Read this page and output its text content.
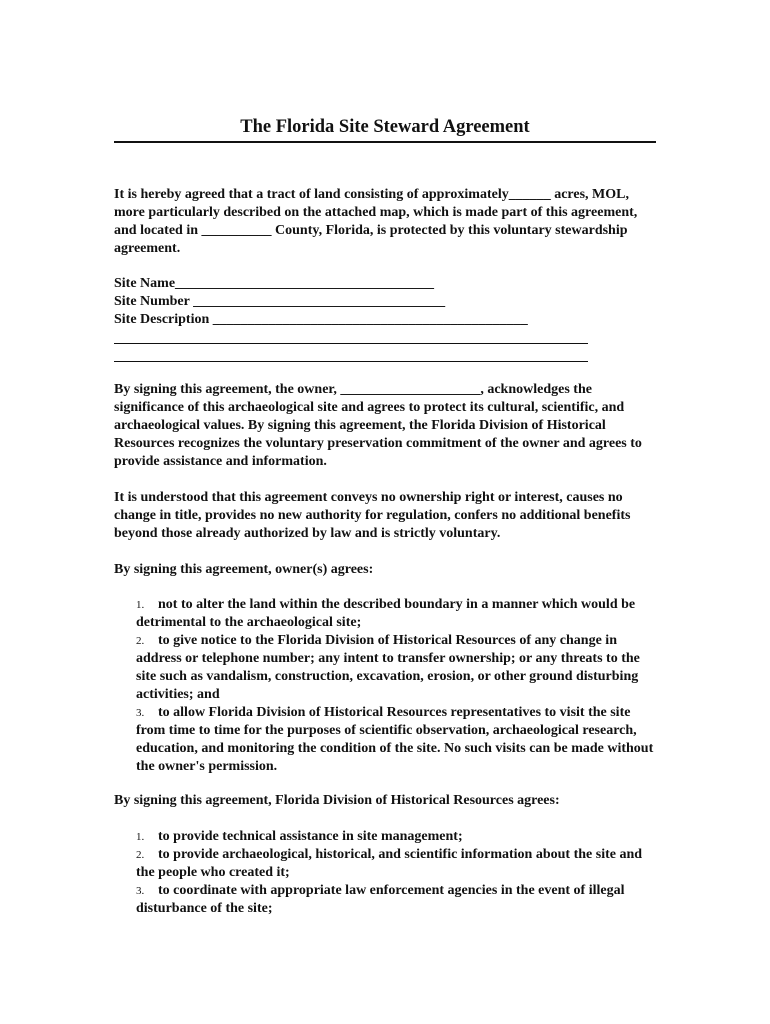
The Florida Site Steward Agreement

It is hereby agreed that a tract of land consisting of approximately______ acres, MOL, more particularly described on the attached map, which is made part of this agreement, and located in __________ County, Florida, is protected by this voluntary stewardship agreement.

Site Name_____________________________________
Site Number ____________________________________
Site Description _____________________________________________

By signing this agreement, the owner, ____________________, acknowledges the significance of this archaeological site and agrees to protect its cultural, scientific, and archaeological values. By signing this agreement, the Florida Division of Historical Resources recognizes the voluntary preservation commitment of the owner and agrees to provide assistance and information.

It is understood that this agreement conveys no ownership right or interest, causes no change in title, provides no new authority for regulation, confers no additional benefits beyond those already authorized by law and is strictly voluntary.

By signing this agreement, owner(s) agrees:

1. not to alter the land within the described boundary in a manner which would be detrimental to the archaeological site;
2. to give notice to the Florida Division of Historical Resources of any change in address or telephone number; any intent to transfer ownership; or any threats to the site such as vandalism, construction, excavation, erosion, or other ground disturbing activities; and
3. to allow Florida Division of Historical Resources representatives to visit the site from time to time for the purposes of scientific observation, archaeological research, education, and monitoring the condition of the site. No such visits can be made without the owner's permission.

By signing this agreement, Florida Division of Historical Resources agrees:

1. to provide technical assistance in site management;
2. to provide archaeological, historical, and scientific information about the site and the people who created it;
3. to coordinate with appropriate law enforcement agencies in the event of illegal disturbance of the site;
